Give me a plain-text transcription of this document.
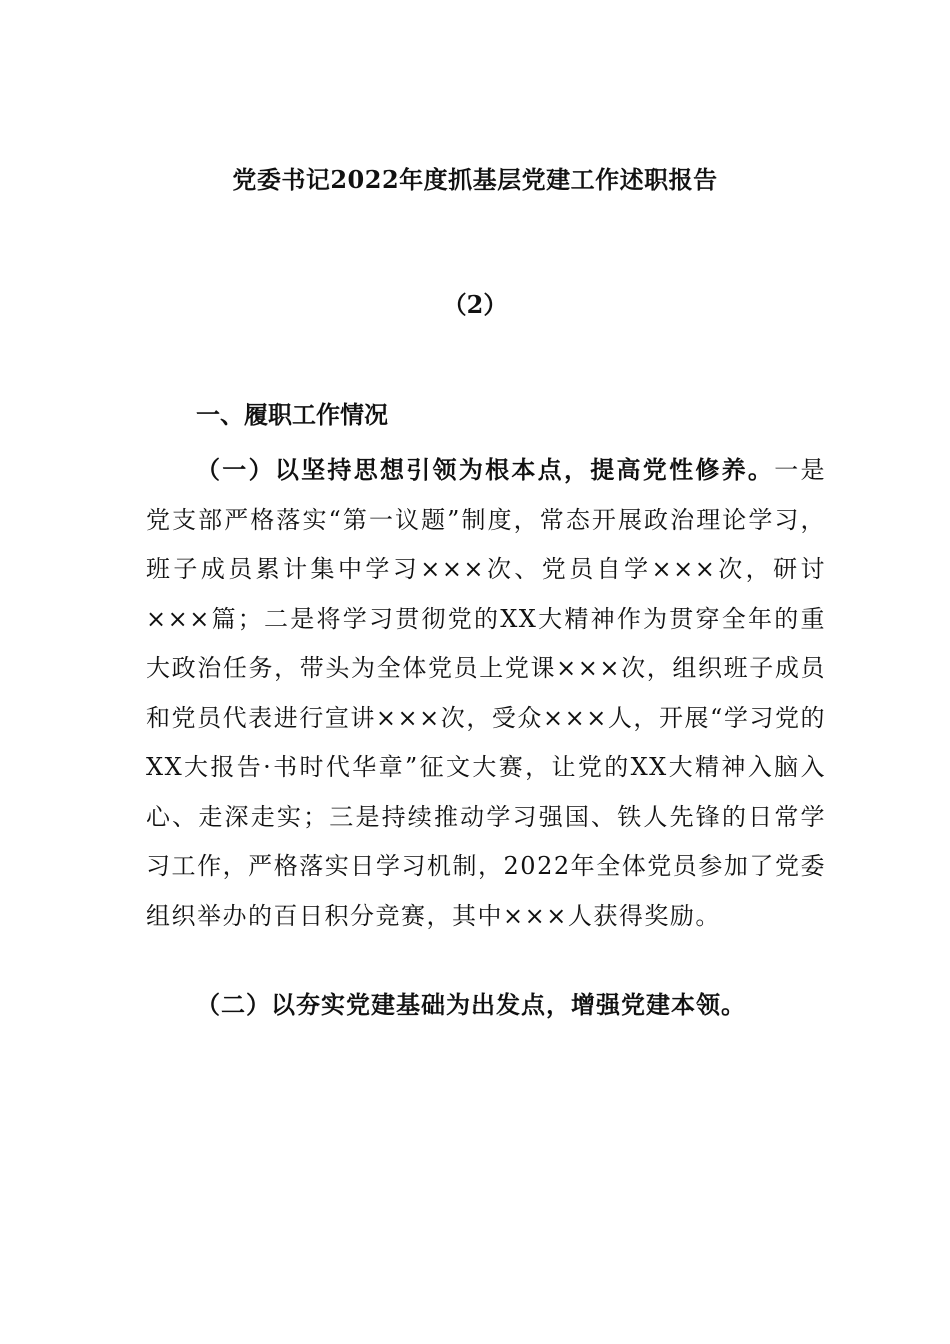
党委书记2022年度抓基层党建工作述职报告
（2）
一、履职工作情况
（一）以坚持思想引领为根本点，提高党性修养。一是党支部严格落实“第一议题”制度，常态开展政治理论学习，班子成员累计集中学习×××次、党员自学×××次，研讨×××篇；二是将学习贯彻党的XX大精神作为贯穿全年的重大政治任务，带头为全体党员上党课×××次，组织班子成员和党员代表进行宣讲×××次，受众×××人，开展“学习党的XX大报告·书时代华章”征文大赛，让党的XX大精神入脑入心、走深走实；三是持续推动学习强国、铁人先锋的日常学习工作，严格落实日学习机制，2022年全体党员参加了党委组织举办的百日积分竞赛，其中×××人获得奖励。
（二）以夯实党建基础为出发点，增强党建本领。
